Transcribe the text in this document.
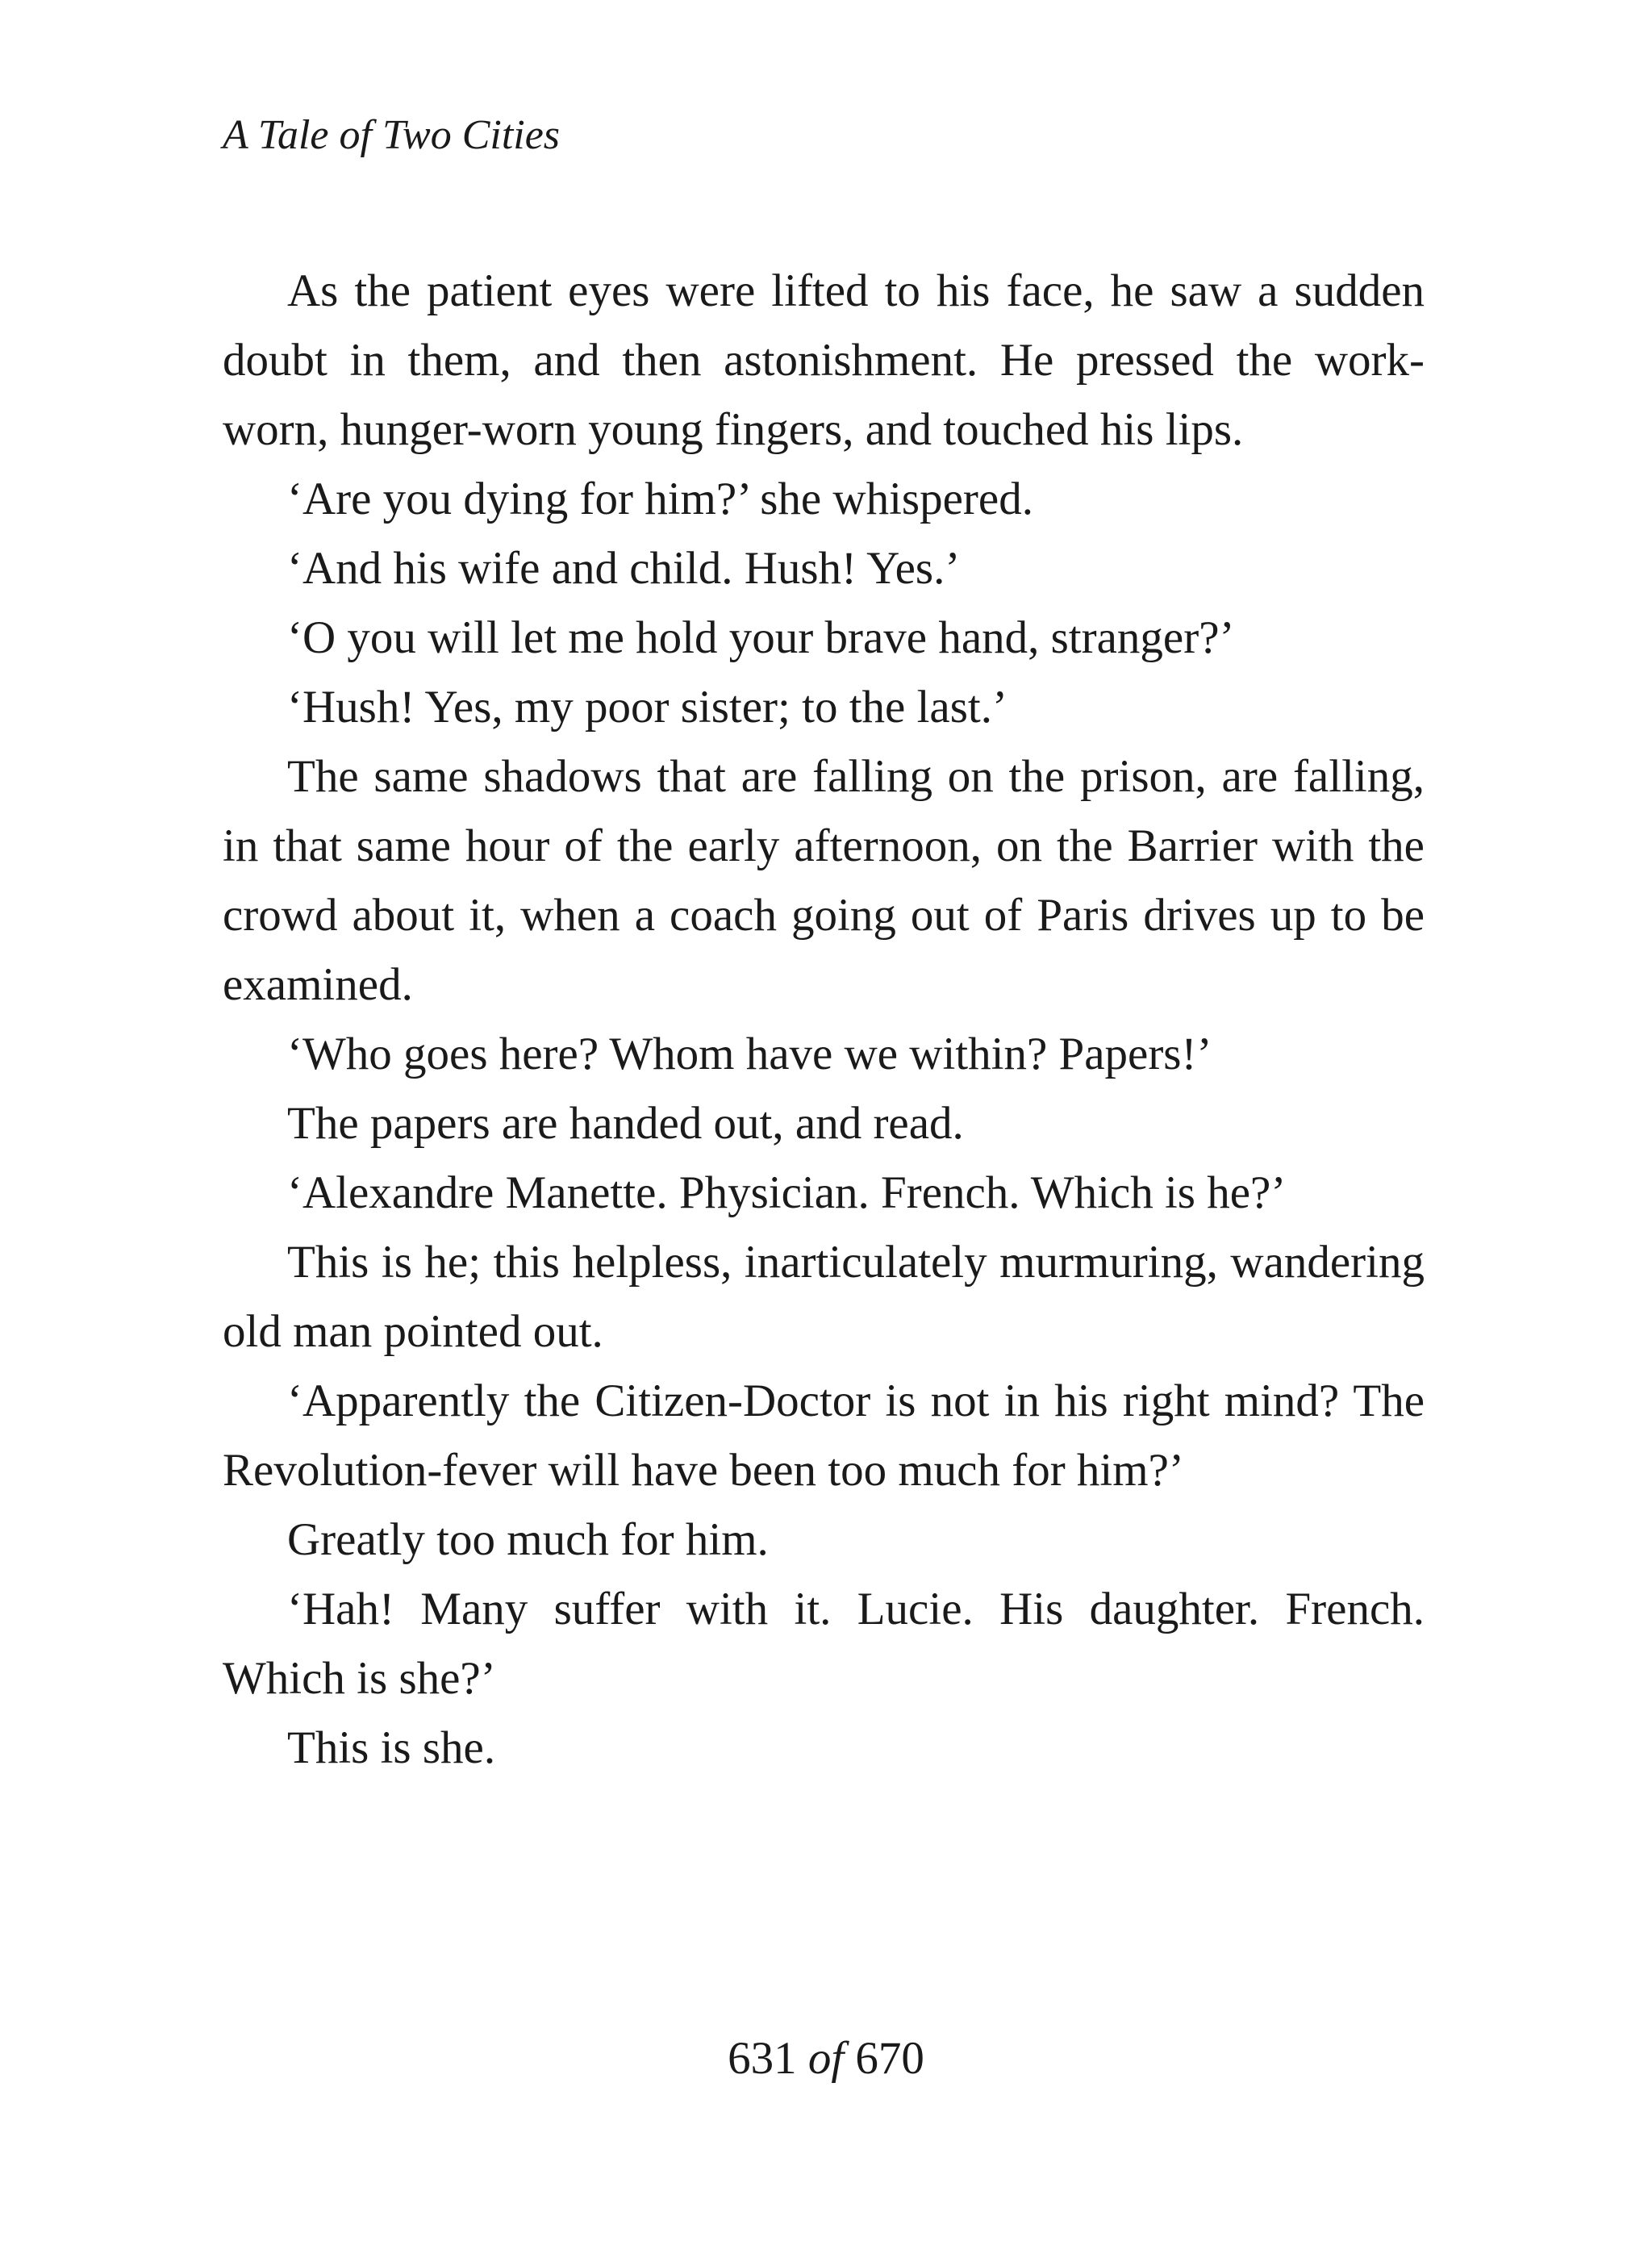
A Tale of Two Cities

As the patient eyes were lifted to his face, he saw a sudden doubt in them, and then astonishment. He pressed the work-worn, hunger-worn young fingers, and touched his lips.

‘Are you dying for him?’ she whispered.

‘And his wife and child. Hush! Yes.’

‘O you will let me hold your brave hand, stranger?’

‘Hush! Yes, my poor sister; to the last.’

The same shadows that are falling on the prison, are falling, in that same hour of the early afternoon, on the Barrier with the crowd about it, when a coach going out of Paris drives up to be examined.

‘Who goes here? Whom have we within? Papers!’

The papers are handed out, and read.

‘Alexandre Manette. Physician. French. Which is he?’

This is he; this helpless, inarticulately murmuring, wandering old man pointed out.

‘Apparently the Citizen-Doctor is not in his right mind? The Revolution-fever will have been too much for him?’

Greatly too much for him.

‘Hah! Many suffer with it. Lucie. His daughter. French. Which is she?’

This is she.

631 of 670
